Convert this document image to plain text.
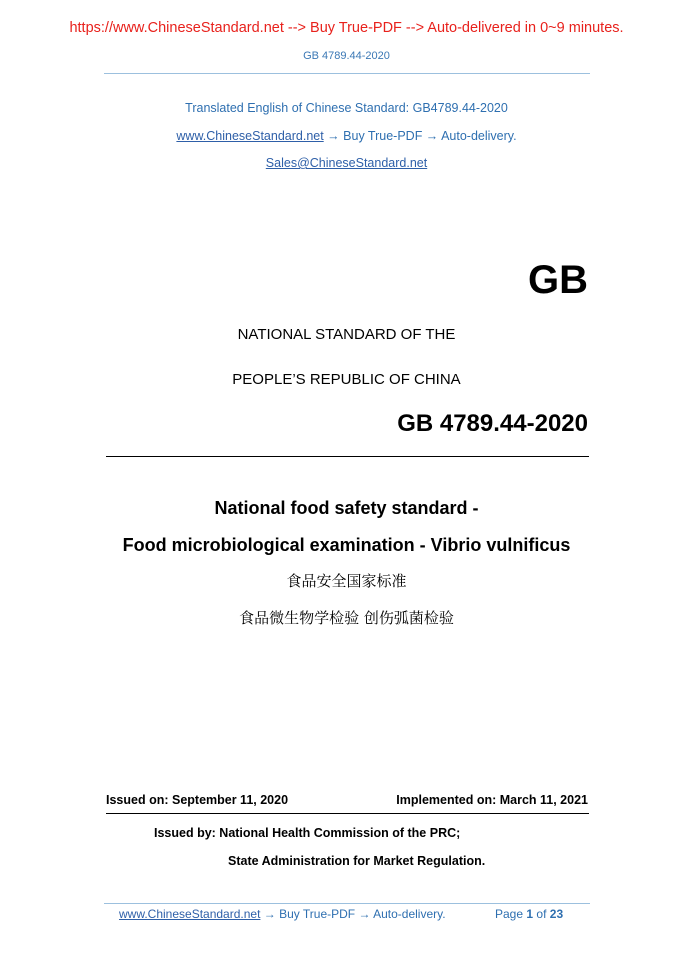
https://www.ChineseStandard.net --> Buy True-PDF --> Auto-delivered in 0~9 minutes.
GB 4789.44-2020
Translated English of Chinese Standard: GB4789.44-2020
www.ChineseStandard.net → Buy True-PDF → Auto-delivery.
Sales@ChineseStandard.net
GB
NATIONAL STANDARD OF THE
PEOPLE’S REPUBLIC OF CHINA
GB 4789.44-2020
National food safety standard -
Food microbiological examination - Vibrio vulnificus
食品安全国家标准
食品微生物学检验 创伤弧菌检验
Issued on: September 11, 2020	Implemented on: March 11, 2021
Issued by: National Health Commission of the PRC;
State Administration for Market Regulation.
www.ChineseStandard.net → Buy True-PDF → Auto-delivery.	Page 1 of 23
